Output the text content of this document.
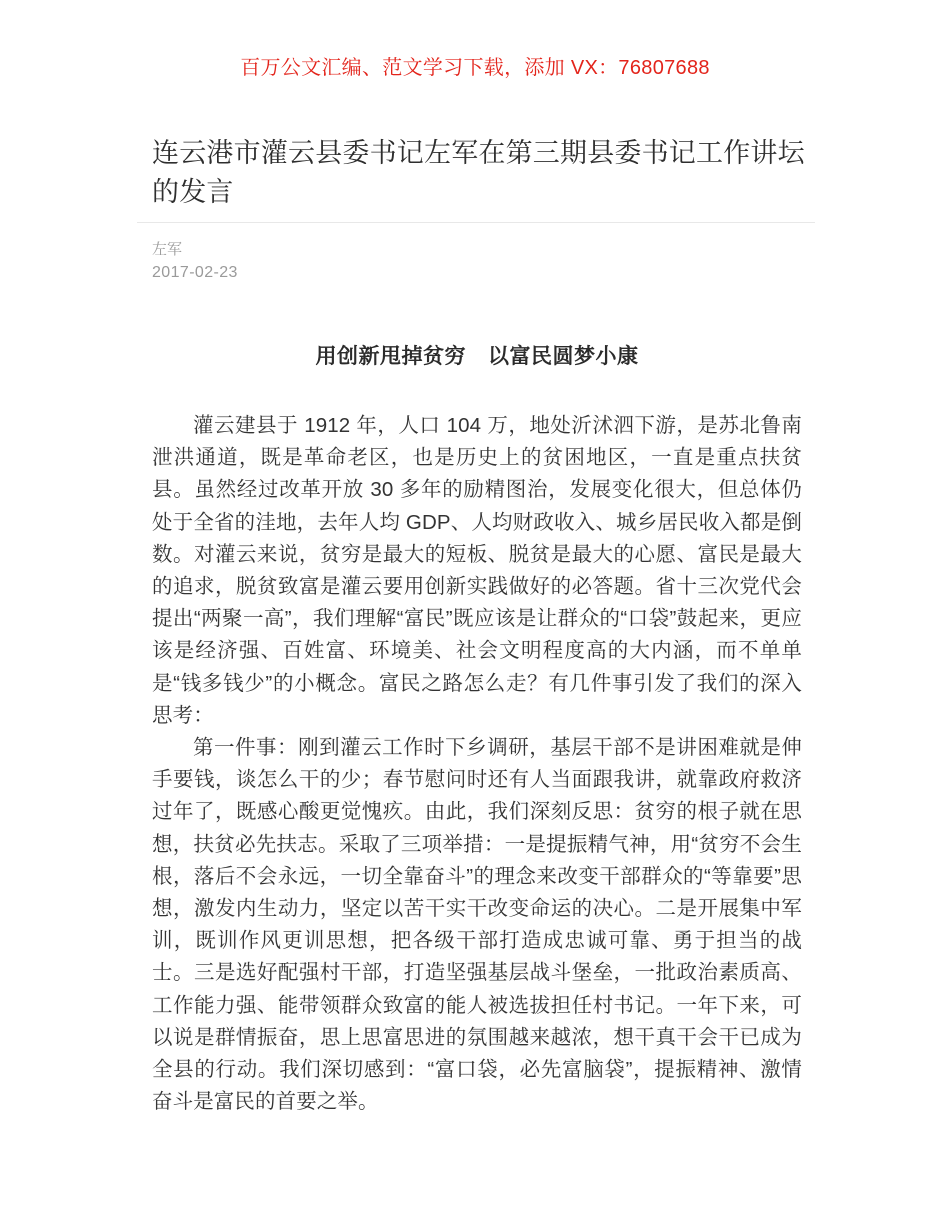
百万公文汇编、范文学习下载，添加 VX：76807688
连云港市灌云县委书记左军在第三期县委书记工作讲坛的发言

左军

2017-02-23

用创新甩掉贫穷 以富民圆梦小康

灌云建县于 1912 年，人口 104 万，地处沂沭泗下游，是苏北鲁南泄洪通道，既是革命老区，也是历史上的贫困地区，一直是重点扶贫县。虽然经过改革开放 30 多年的励精图治，发展变化很大，但总体仍处于全省的洼地，去年人均 GDP、人均财政收入、城乡居民收入都是倒数。对灌云来说，贫穷是最大的短板、脱贫是最大的心愿、富民是最大的追求，脱贫致富是灌云要用创新实践做好的必答题。省十三次党代会提出“两聚一高”，我们理解“富民”既应该是让群众的“口袋”鼓起来，更应该是经济强、百姓富、环境美、社会文明程度高的大内涵，而不单单是“钱多钱少”的小概念。富民之路怎么走？有几件事引发了我们的深入思考：

第一件事：刚到灌云工作时下乡调研，基层干部不是讲困难就是伸手要钱，谈怎么干的少；春节慰问时还有人当面跟我讲，就靠政府救济过年了，既感心酸更觉愧疚。由此，我们深刻反思：贫穷的根子就在思想，扶贫必先扶志。采取了三项举措：一是提振精气神，用“贫穷不会生根，落后不会永远，一切全靠奋斗”的理念来改变干部群众的“等靠要”思想，激发内生动力，坚定以苦干实干改变命运的决心。二是开展集中军训，既训作风更训思想，把各级干部打造成忠诚可靠、勇于担当的战士。三是选好配强村干部，打造坚强基层战斗堡垒，一批政治素质高、工作能力强、能带领群众致富的能人被选拔担任村书记。一年下来，可以说是群情振奋，思上思富思进的氛围越来越浓，想干真干会干已成为全县的行动。我们深切感到：“富口袋，必先富脑袋”，提振精神、激情奋斗是富民的首要之举。
